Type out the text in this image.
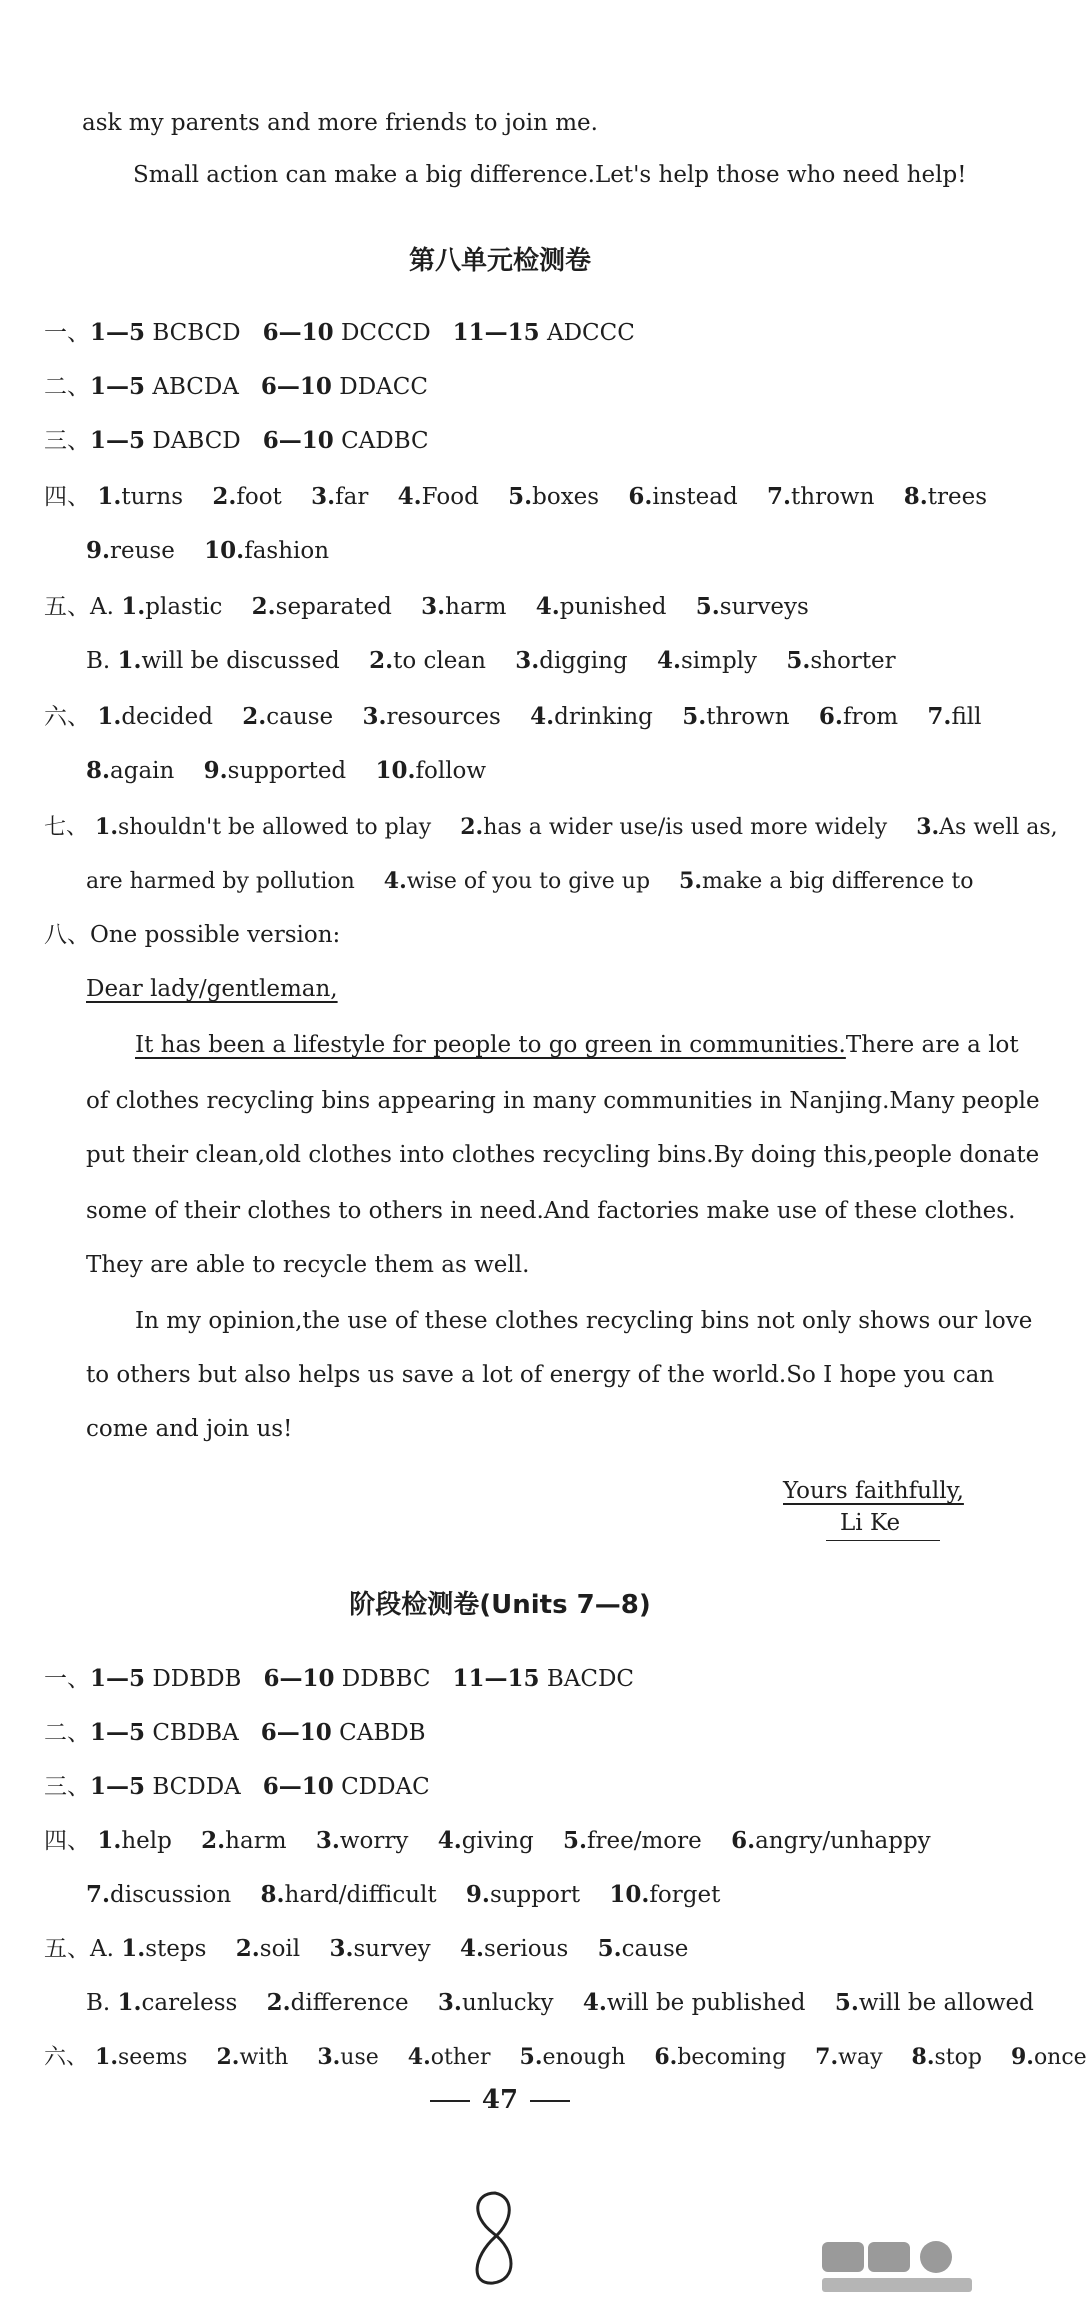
ask my parents and more friends to join me.
Small action can make a big difference.Let's help those who need help!
第八单元检测卷
一、1—5 BCBCD 6—10 DCCCD 11—15 ADCCC
二、1—5 ABCDA 6—10 DDACC
三、1—5 DABCD 6—10 CADBC
四、 1.turns 2.foot 3.far 4.Food 5.boxes 6.instead 7.thrown 8.trees
9.reuse 10.fashion
五、A. 1.plastic 2.separated 3.harm 4.punished 5.surveys
B. 1.will be discussed 2.to clean 3.digging 4.simply 5.shorter
六、 1.decided 2.cause 3.resources 4.drinking 5.thrown 6.from 7.fill
8.again 9.supported 10.follow
七、 1.shouldn't be allowed to play 2.has a wider use/is used more widely 3.As well as,
are harmed by pollution 4.wise of you to give up 5.make a big difference to
八、One possible version:
Dear lady/gentleman,
It has been a lifestyle for people to go green in communities.There are a lot
of clothes recycling bins appearing in many communities in Nanjing.Many people
put their clean,old clothes into clothes recycling bins.By doing this,people donate
some of their clothes to others in need.And factories make use of these clothes.
They are able to recycle them as well.
In my opinion,the use of these clothes recycling bins not only shows our love
to others but also helps us save a lot of energy of the world.So I hope you can
come and join us!
Yours faithfully,
Li Ke
阶段检测卷(Units 7—8)
一、1—5 DDBDB 6—10 DDBBC 11—15 BACDC
二、1—5 CBDBA 6—10 CABDB
三、1—5 BCDDA 6—10 CDDAC
四、 1.help 2.harm 3.worry 4.giving 5.free/more 6.angry/unhappy
7.discussion 8.hard/difficult 9.support 10.forget
五、A. 1.steps 2.soil 3.survey 4.serious 5.cause
B. 1.careless 2.difference 3.unlucky 4.will be published 5.will be allowed
六、 1.seems 2.with 3.use 4.other 5.enough 6.becoming 7.way 8.stop 9.once
47
